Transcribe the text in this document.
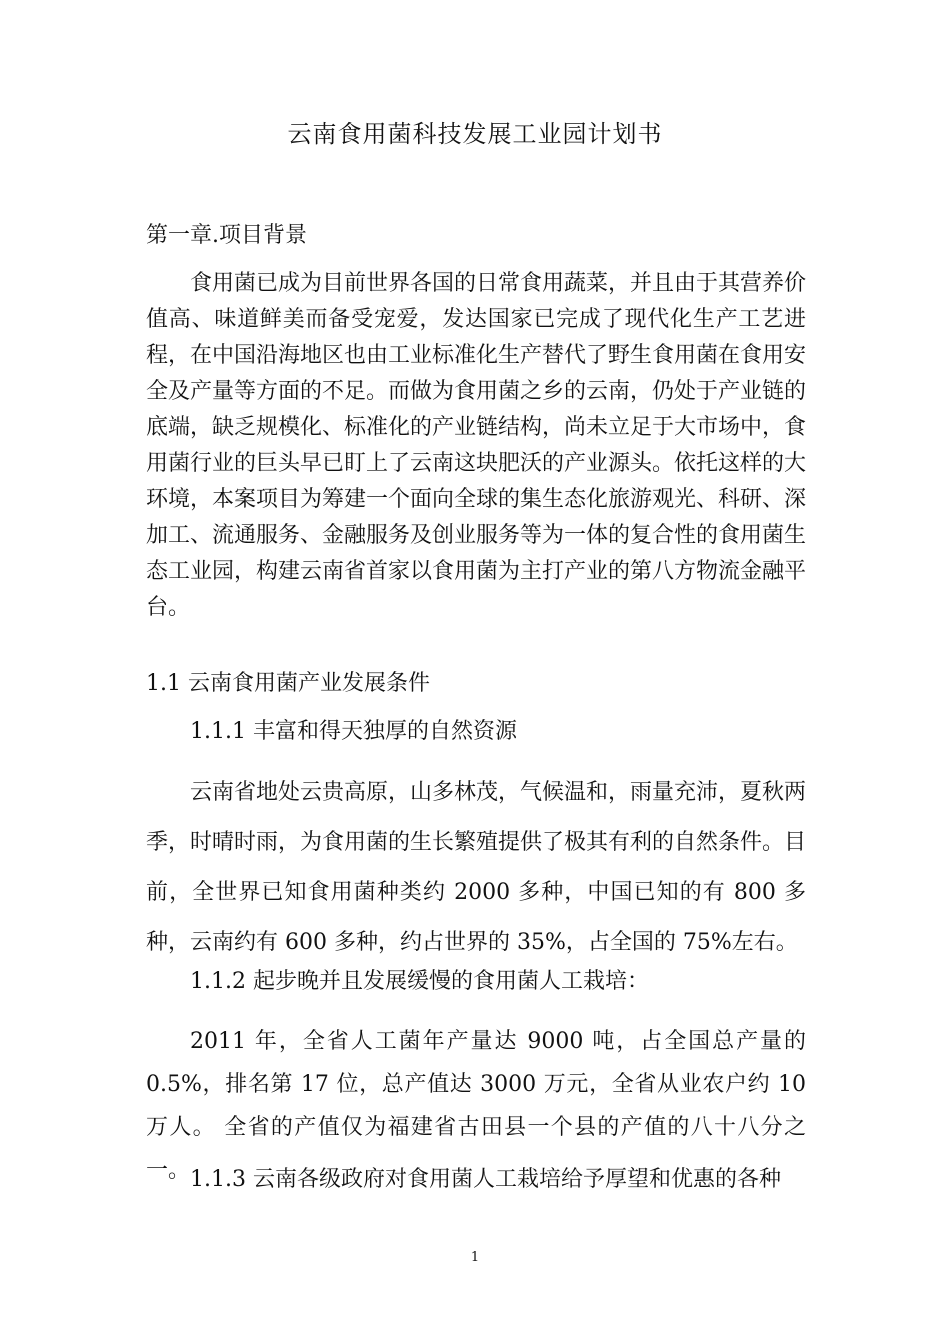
云南食用菌科技发展工业园计划书
第一章.项目背景

食用菌已成为目前世界各国的日常食用蔬菜，并且由于其营养价值高、味道鲜美而备受宠爱，发达国家已完成了现代化生产工艺进程，在中国沿海地区也由工业标准化生产替代了野生食用菌在食用安全及产量等方面的不足。而做为食用菌之乡的云南，仍处于产业链的底端，缺乏规模化、标准化的产业链结构，尚未立足于大市场中，食用菌行业的巨头早已盯上了云南这块肥沃的产业源头。依托这样的大环境，本案项目为筹建一个面向全球的集生态化旅游观光、科研、深加工、流通服务、金融服务及创业服务等为一体的复合性的食用菌生态工业园，构建云南省首家以食用菌为主打产业的第八方物流金融平台。

1.1 云南食用菌产业发展条件
1.1.1 丰富和得天独厚的自然资源

云南省地处云贵高原，山多林茂，气候温和，雨量充沛，夏秋两季，时晴时雨，为食用菌的生长繁殖提供了极其有利的自然条件。目前，全世界已知食用菌种类约 2000 多种，中国已知的有 800 多种，云南约有 600 多种，约占世界的 35%，占全国的 75%左右。

1.1.2 起步晚并且发展缓慢的食用菌人工栽培：

2011 年，全省人工菌年产量达 9000 吨，占全国总产量的 0.5%，排名第 17 位，总产值达 3000 万元，全省从业农户约 10 万人。 全省的产值仅为福建省古田县一个县的产值的八十八分之一。 1.1.3 云南各级政府对食用菌人工栽培给予厚望和优惠的各种
1
